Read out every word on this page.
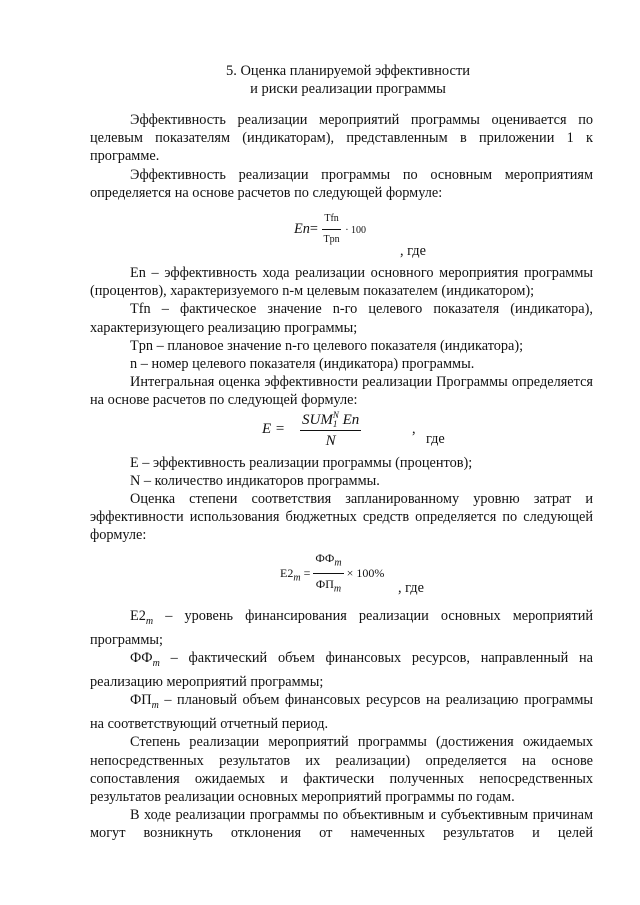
5. Оценка планируемой эффективности
и риски реализации программы

Эффективность реализации мероприятий программы оценивается по целевым показателям (индикаторам), представленным в приложении 1 к программе.

Эффективность реализации программы по основным мероприятиям определяется на основе расчетов по следующей формуле:

$En= \frac{\text{Tfn}}{\text{Tpn}} \cdot 100$
, где

En – эффективность хода реализации основного мероприятия программы (процентов), характеризуемого n-м целевым показателем (индикатором);

Tfn – фактическое значение n-го целевого показателя (индикатора), характеризующего реализацию программы;

Tpn – плановое значение n-го целевого показателя (индикатора);

n – номер целевого показателя (индикатора) программы.

Интегральная оценка эффективности реализации Программы определяется на основе расчетов по следующей формуле:

E = SUM N
1 En
N	,
где

E – эффективность реализации программы (процентов);

N – количество индикаторов программы.

Оценка степени соответствия запланированному уровню затрат и эффективности использования бюджетных средств определяется по следующей формуле:

$E2_m = \frac{ФФ_m}{ФП_m} \times 100\%$
, где

$E2_m$ – уровень финансирования реализации основных мероприятий программы;

$ФФ_m$ – фактический объем финансовых ресурсов, направленный на реализацию мероприятий программы;

$ФП_m$ – плановый объем финансовых ресурсов на реализацию программы на соответствующий отчетный период.

Степень реализации мероприятий программы (достижения ожидаемых непосредственных результатов их реализации) определяется на основе сопоставления ожидаемых и фактически полученных непосредственных результатов реализации основных мероприятий программы по годам.

В ходе реализации программы по объективным и субъективным причинам могут возникнуть отклонения от намеченных результатов и целей
